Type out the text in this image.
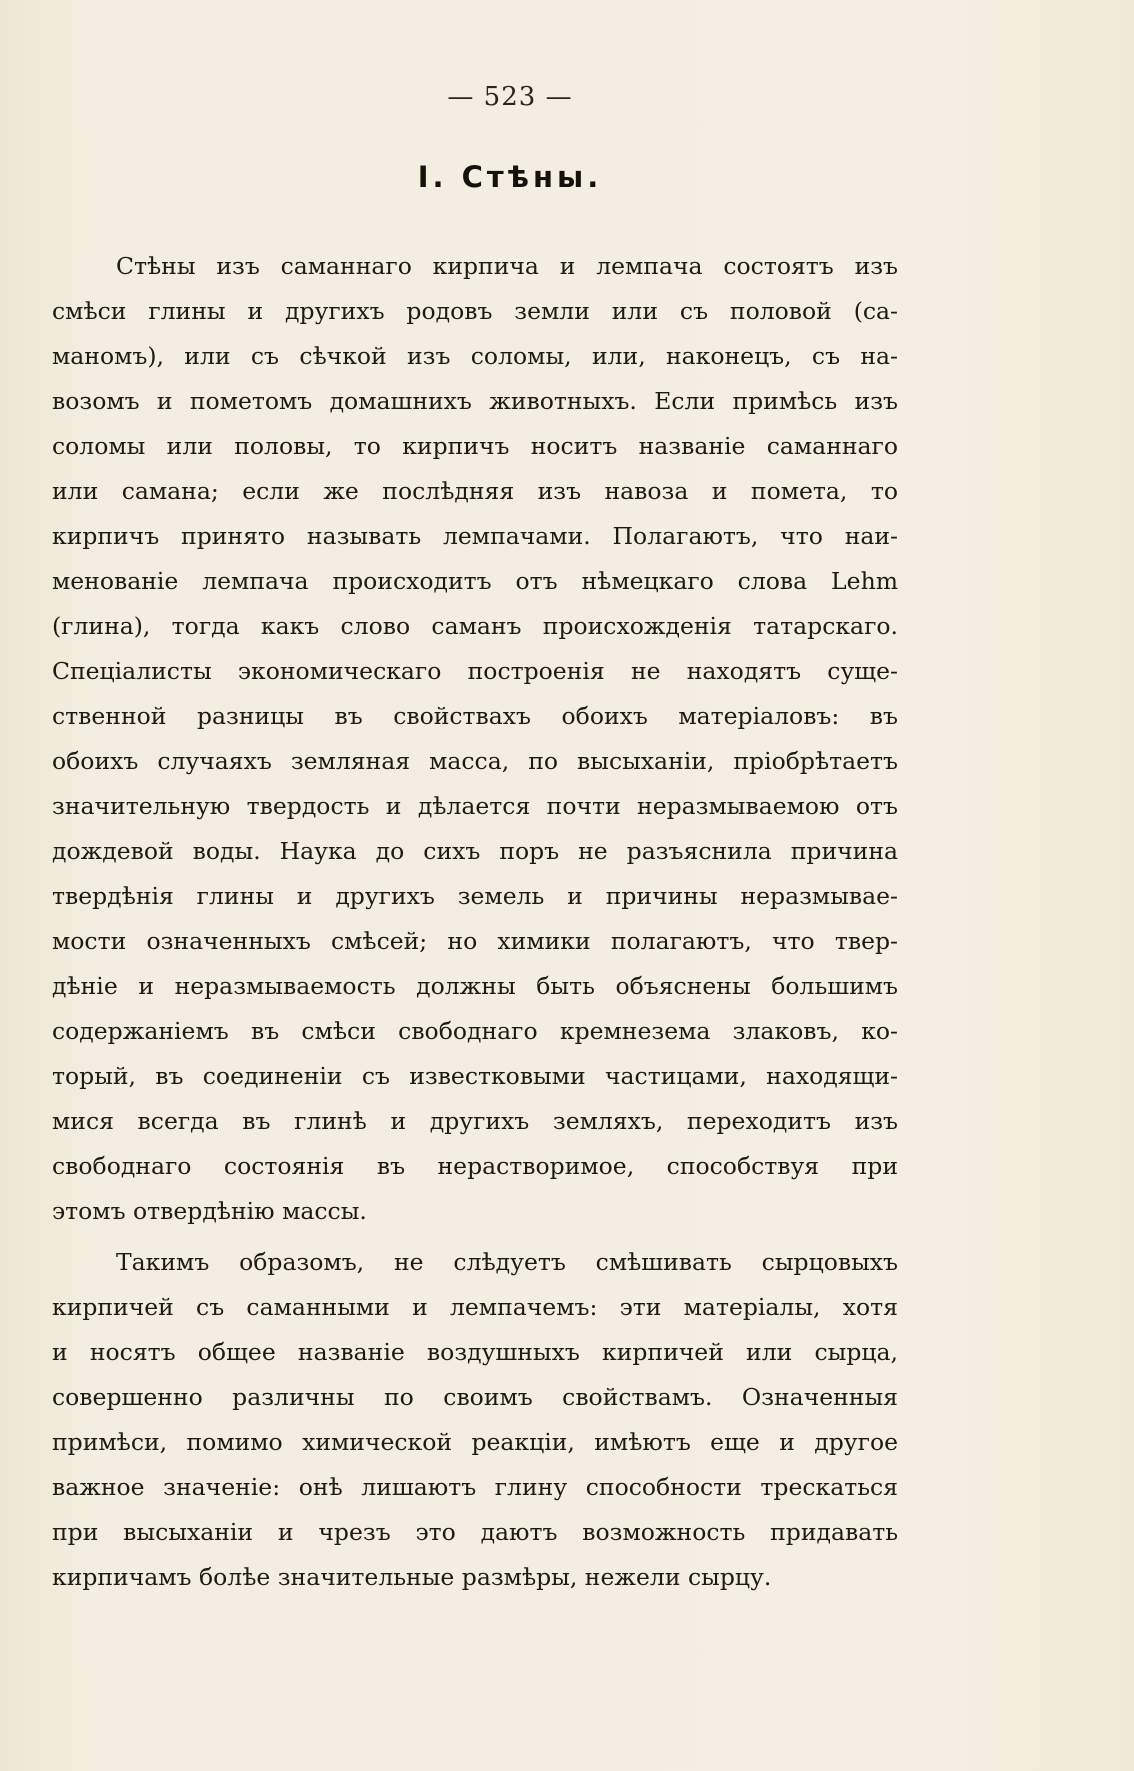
— 523 —
I. Стѣны.
Стѣны изъ саманнаго кирпича и лемпача состоятъ изъ
смѣси глины и другихъ родовъ земли или съ половой (са-
маномъ), или съ сѣчкой изъ соломы, или, наконецъ, съ на-
возомъ и пометомъ домашнихъ животныхъ. Если примѣсь изъ
соломы или половы, то кирпичъ носитъ названіе саманнаго
или самана; если же послѣдняя изъ навоза и помета, то
кирпичъ принято называть лемпачами. Полагаютъ, что наи-
менованіе лемпача происходитъ отъ нѣмецкаго слова Lehm
(глина), тогда какъ слово саманъ происхожденія татарскаго.
Спеціалисты экономическаго построенія не находятъ суще-
ственной разницы въ свойствахъ обоихъ матеріаловъ: въ
обоихъ случаяхъ земляная масса, по высыханіи, пріобрѣтаетъ
значительную твердость и дѣлается почти неразмываемою отъ
дождевой воды. Наука до сихъ поръ не разъяснила причина
твердѣнія глины и другихъ земель и причины неразмывае-
мости означенныхъ смѣсей; но химики полагаютъ, что твер-
дѣніе и неразмываемость должны быть объяснены большимъ
содержаніемъ въ смѣси свободнаго кремнезема злаковъ, ко-
торый, въ соединеніи съ известковыми частицами, находящи-
мися всегда въ глинѣ и другихъ земляхъ, переходитъ изъ
свободнаго состоянія въ нерастворимое, способствуя при
этомъ отвердѣнію массы.
Такимъ образомъ, не слѣдуетъ смѣшивать сырцовыхъ
кирпичей съ саманными и лемпачемъ: эти матеріалы, хотя
и носятъ общее названіе воздушныхъ кирпичей или сырца,
совершенно различны по своимъ свойствамъ. Означенныя
примѣси, помимо химической реакціи, имѣютъ еще и другое
важное значеніе: онѣ лишаютъ глину способности трескаться
при высыханіи и чрезъ это даютъ возможность придавать
кирпичамъ болѣе значительные размѣры, нежели сырцу.
